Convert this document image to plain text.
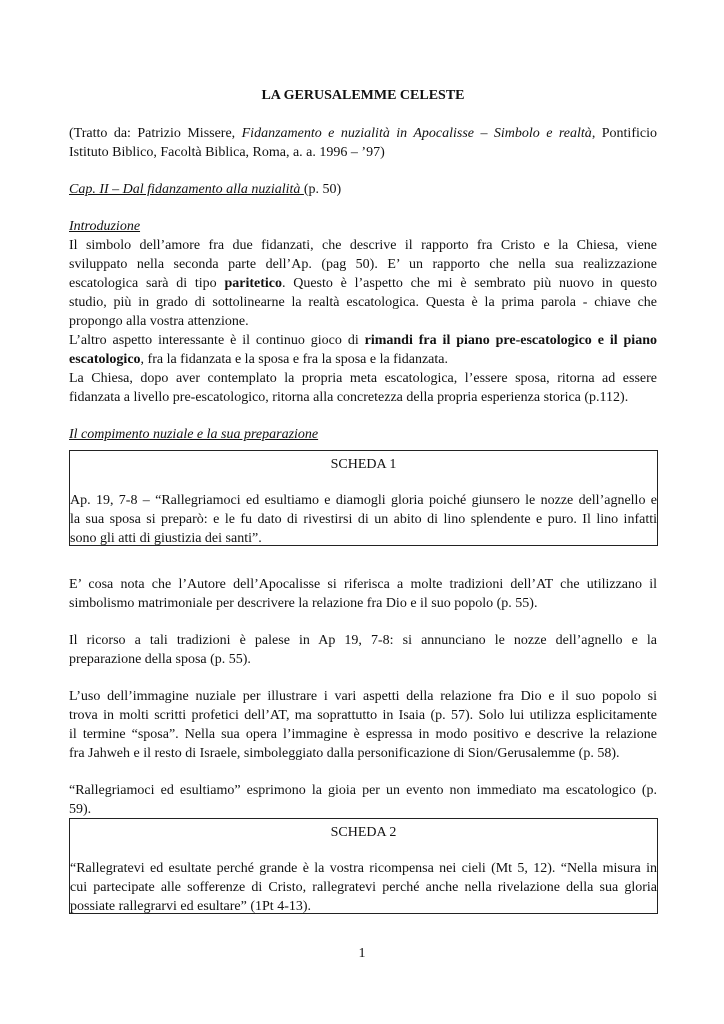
LA GERUSALEMME CELESTE
(Tratto da: Patrizio Missere, Fidanzamento e nuzialità in Apocalisse – Simbolo e realtà, Pontificio
Istituto Biblico, Facoltà Biblica, Roma, a. a. 1996 – ’97)
Cap. II – Dal fidanzamento alla nuzialità (p. 50)
Introduzione
Il simbolo dell’amore fra due fidanzati, che descrive il rapporto fra Cristo e la Chiesa, viene
sviluppato nella seconda parte dell’Ap. (pag 50). E’ un rapporto che nella sua realizzazione
escatologica sarà di tipo paritetico. Questo è l’aspetto che mi è sembrato più nuovo in questo
studio, più in grado di sottolinearne la realtà escatologica. Questa è la prima parola - chiave che
propongo alla vostra attenzione.
L’altro aspetto interessante è il continuo gioco di rimandi fra il piano pre-escatologico e il piano
escatologico, fra la fidanzata e la sposa e fra la sposa e la fidanzata.
La Chiesa, dopo aver contemplato la propria meta escatologica, l’essere sposa, ritorna ad essere
fidanzata a livello pre-escatologico, ritorna alla concretezza della propria esperienza storica (p.112).
Il compimento nuziale e la sua preparazione
E’ cosa nota che l’Autore dell’Apocalisse si riferisca a molte tradizioni dell’AT che utilizzano il
simbolismo matrimoniale per descrivere la relazione fra Dio e il suo popolo (p. 55).
Il ricorso a tali tradizioni è palese in Ap 19, 7-8: si annunciano le nozze dell’agnello e la
preparazione della sposa (p. 55).
L’uso dell’immagine nuziale per illustrare i vari aspetti della relazione fra Dio e il suo popolo si
trova in molti scritti profetici dell’AT, ma soprattutto in Isaia (p. 57). Solo lui utilizza esplicitamente
il termine “sposa”. Nella sua opera l’immagine è espressa in modo positivo e descrive la relazione
fra Jahweh e il resto di Israele, simboleggiato dalla personificazione di Sion/Gerusalemme (p. 58).
“Rallegriamoci ed esultiamo” esprimono la gioia per un evento non immediato ma escatologico (p.
59).
SCHEDA 1
Ap. 19, 7-8 – “Rallegriamoci ed esultiamo e diamogli gloria poiché giunsero le nozze dell’agnello e
la sua sposa si preparò: e le fu dato di rivestirsi di un abito di lino splendente e puro. Il lino infatti
sono gli atti di giustizia dei santi”.
SCHEDA 2
“Rallegratevi ed esultate perché grande è la vostra ricompensa nei cieli (Mt 5, 12). “Nella misura in
cui partecipate alle sofferenze di Cristo, rallegratevi perché anche nella rivelazione della sua gloria
possiate rallegrarvi ed esultare” (1Pt 4-13).
1
